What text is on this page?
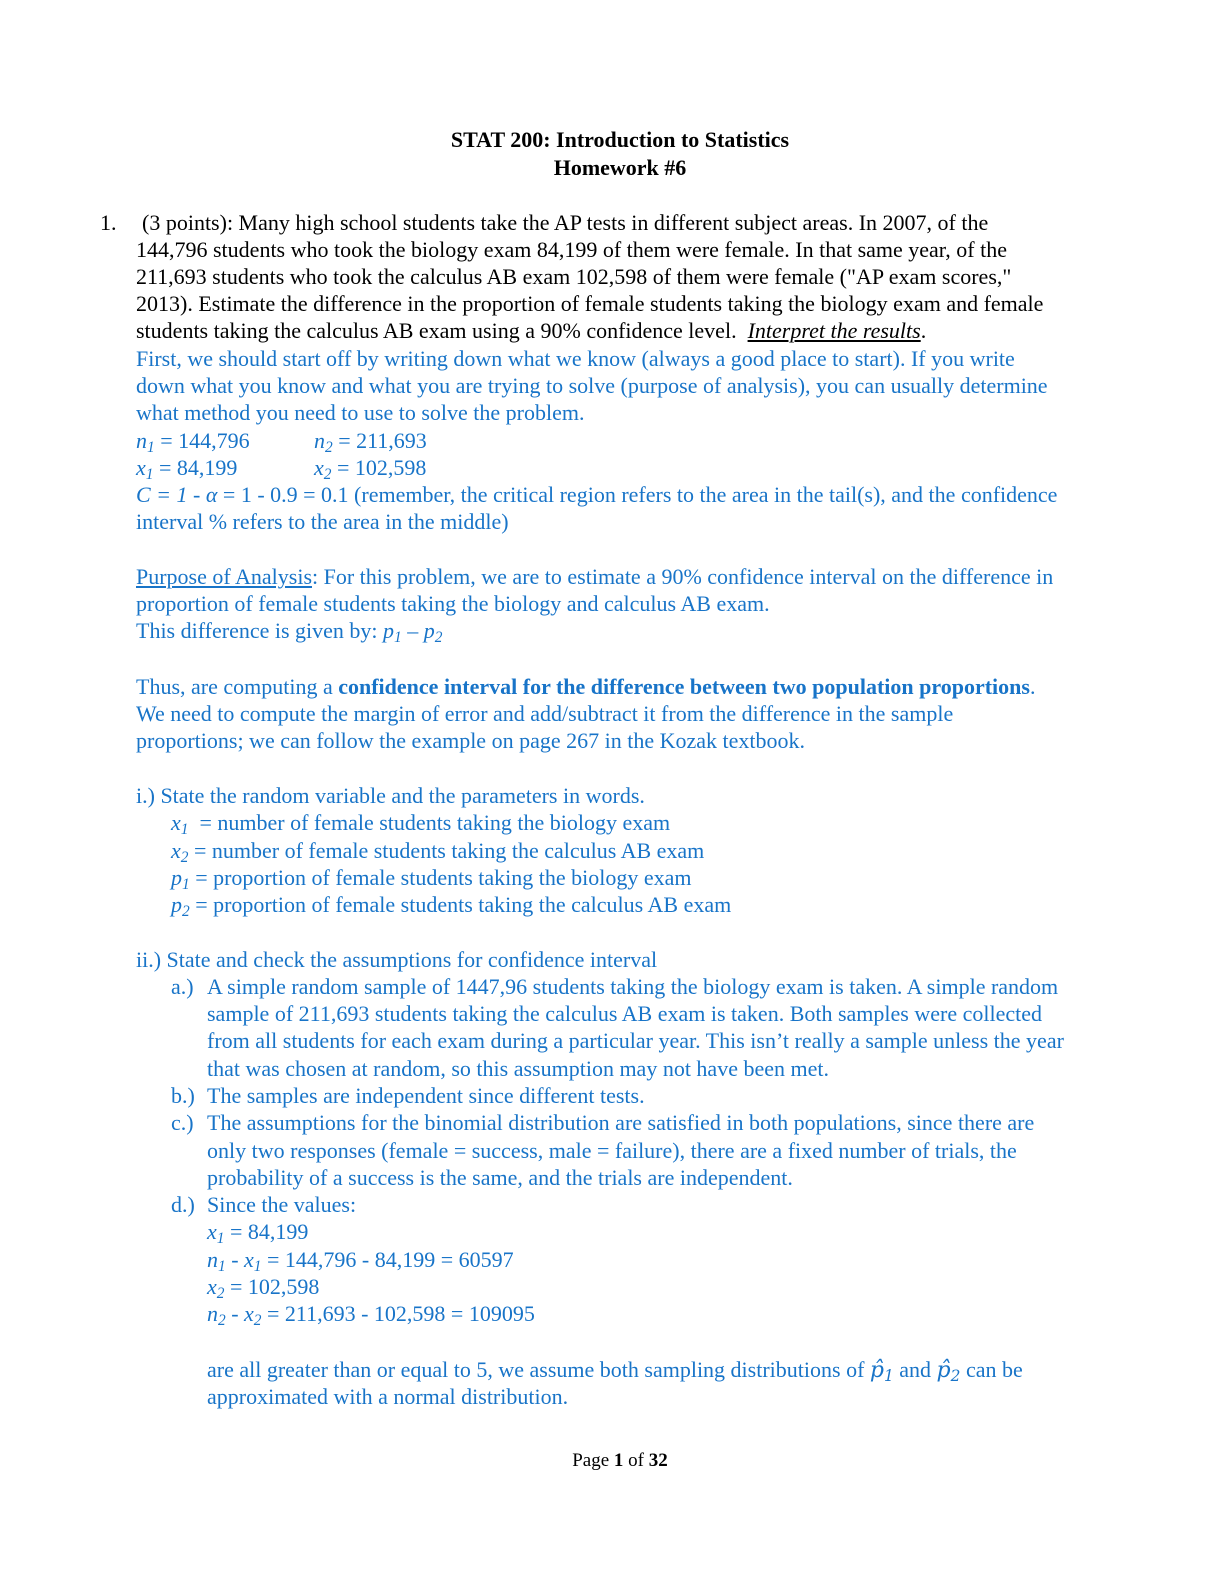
STAT 200: Introduction to Statistics
Homework #6
1. (3 points): Many high school students take the AP tests in different subject areas. In 2007, of the
144,796 students who took the biology exam 84,199 of them were female. In that same year, of the
211,693 students who took the calculus AB exam 102,598 of them were female ("AP exam scores,"
2013). Estimate the difference in the proportion of female students taking the biology exam and female
students taking the calculus AB exam using a 90% confidence level. Interpret the results.
First, we should start off by writing down what we know (always a good place to start). If you write
down what you know and what you are trying to solve (purpose of analysis), you can usually determine
what method you need to use to solve the problem.
$n_1 = 144,796$	$n_2 = 211,693$
$x_1 = 84,199$	$x_2 = 102,598$
C = 1 - α = 1 - 0.9 = 0.1 (remember, the critical region refers to the area in the tail(s), and the confidence
interval % refers to the area in the middle)
Purpose of Analysis: For this problem, we are to estimate a 90% confidence interval on the difference in
proportion of female students taking the biology and calculus AB exam.
This difference is given by: $p_1 - p_2$
Thus, are computing a confidence interval for the difference between two population proportions.
We need to compute the margin of error and add/subtract it from the difference in the sample
proportions; we can follow the example on page 267 in the Kozak textbook.
i.) State the random variable and the parameters in words.
$x_1$  = number of female students taking the biology exam
$x_2$ = number of female students taking the calculus AB exam
$p_1$ = proportion of female students taking the biology exam
$p_2$ = proportion of female students taking the calculus AB exam
ii.) State and check the assumptions for confidence interval
a.) A simple random sample of 1447,96 students taking the biology exam is taken. A simple random
sample of 211,693 students taking the calculus AB exam is taken. Both samples were collected
from all students for each exam during a particular year. This isn’t really a sample unless the year
that was chosen at random, so this assumption may not have been met.
b.) The samples are independent since different tests.
c.) The assumptions for the binomial distribution are satisfied in both populations, since there are
only two responses (female = success, male = failure), there are a fixed number of trials, the
probability of a success is the same, and the trials are independent.
d.) Since the values:
$x_1 = 84,199$
$n_1 - x_1 = 144,796 - 84,199 = 60597$
$x_2 = 102,598$
$n_2 - x_2 = 211,693 - 102,598 = 109095$
are all greater than or equal to 5, we assume both sampling distributions of $p̂_1$ and $p̂_2$ can be
approximated with a normal distribution.
Page 1 of 32
